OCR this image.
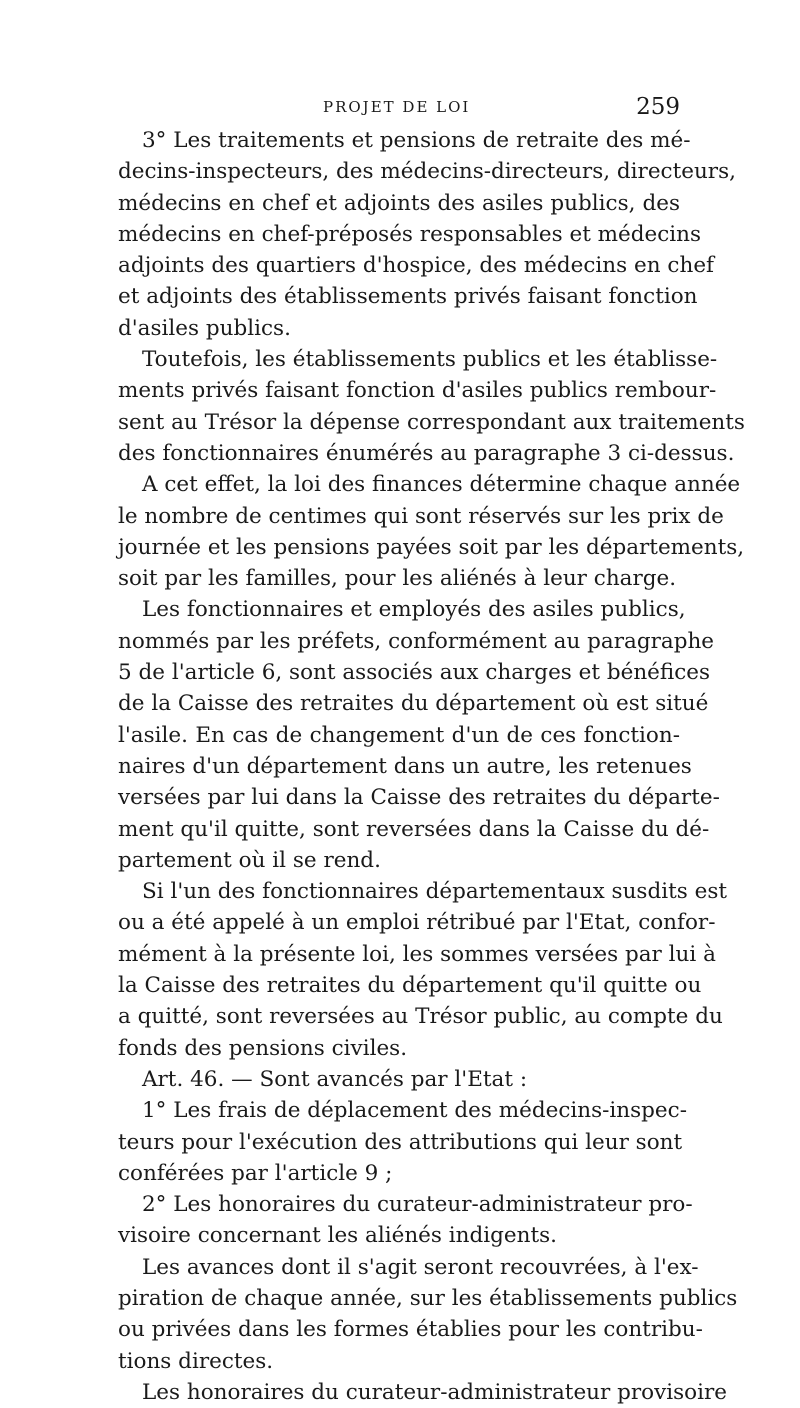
PROJET DE LOI	259
3° Les traitements et pensions de retraite des mé-
decins-inspecteurs, des médecins-directeurs, directeurs,
médecins en chef et adjoints des asiles publics, des
médecins en chef-préposés responsables et médecins
adjoints des quartiers d'hospice, des médecins en chef
et adjoints des établissements privés faisant fonction
d'asiles publics.
Toutefois, les établissements publics et les établisse-
ments privés faisant fonction d'asiles publics rembour-
sent au Trésor la dépense correspondant aux traitements
des fonctionnaires énumérés au paragraphe 3 ci-dessus.
A cet effet, la loi des finances détermine chaque année
le nombre de centimes qui sont réservés sur les prix de
journée et les pensions payées soit par les départements,
soit par les familles, pour les aliénés à leur charge.
Les fonctionnaires et employés des asiles publics,
nommés par les préfets, conformément au paragraphe
5 de l'article 6, sont associés aux charges et bénéfices
de la Caisse des retraites du département où est situé
l'asile. En cas de changement d'un de ces fonction-
naires d'un département dans un autre, les retenues
versées par lui dans la Caisse des retraites du départe-
ment qu'il quitte, sont reversées dans la Caisse du dé-
partement où il se rend.
Si l'un des fonctionnaires départementaux susdits est
ou a été appelé à un emploi rétribué par l'Etat, confor-
mément à la présente loi, les sommes versées par lui à
la Caisse des retraites du département qu'il quitte ou
a quitté, sont reversées au Trésor public, au compte du
fonds des pensions civiles.
Art. 46. — Sont avancés par l'Etat :
1° Les frais de déplacement des médecins-inspec-
teurs pour l'exécution des attributions qui leur sont
conférées par l'article 9 ;
2° Les honoraires du curateur-administrateur pro-
visoire concernant les aliénés indigents.
Les avances dont il s'agit seront recouvrées, à l'ex-
piration de chaque année, sur les établissements publics
ou privées dans les formes établies pour les contribu-
tions directes.
Les honoraires du curateur-administrateur provisoire
